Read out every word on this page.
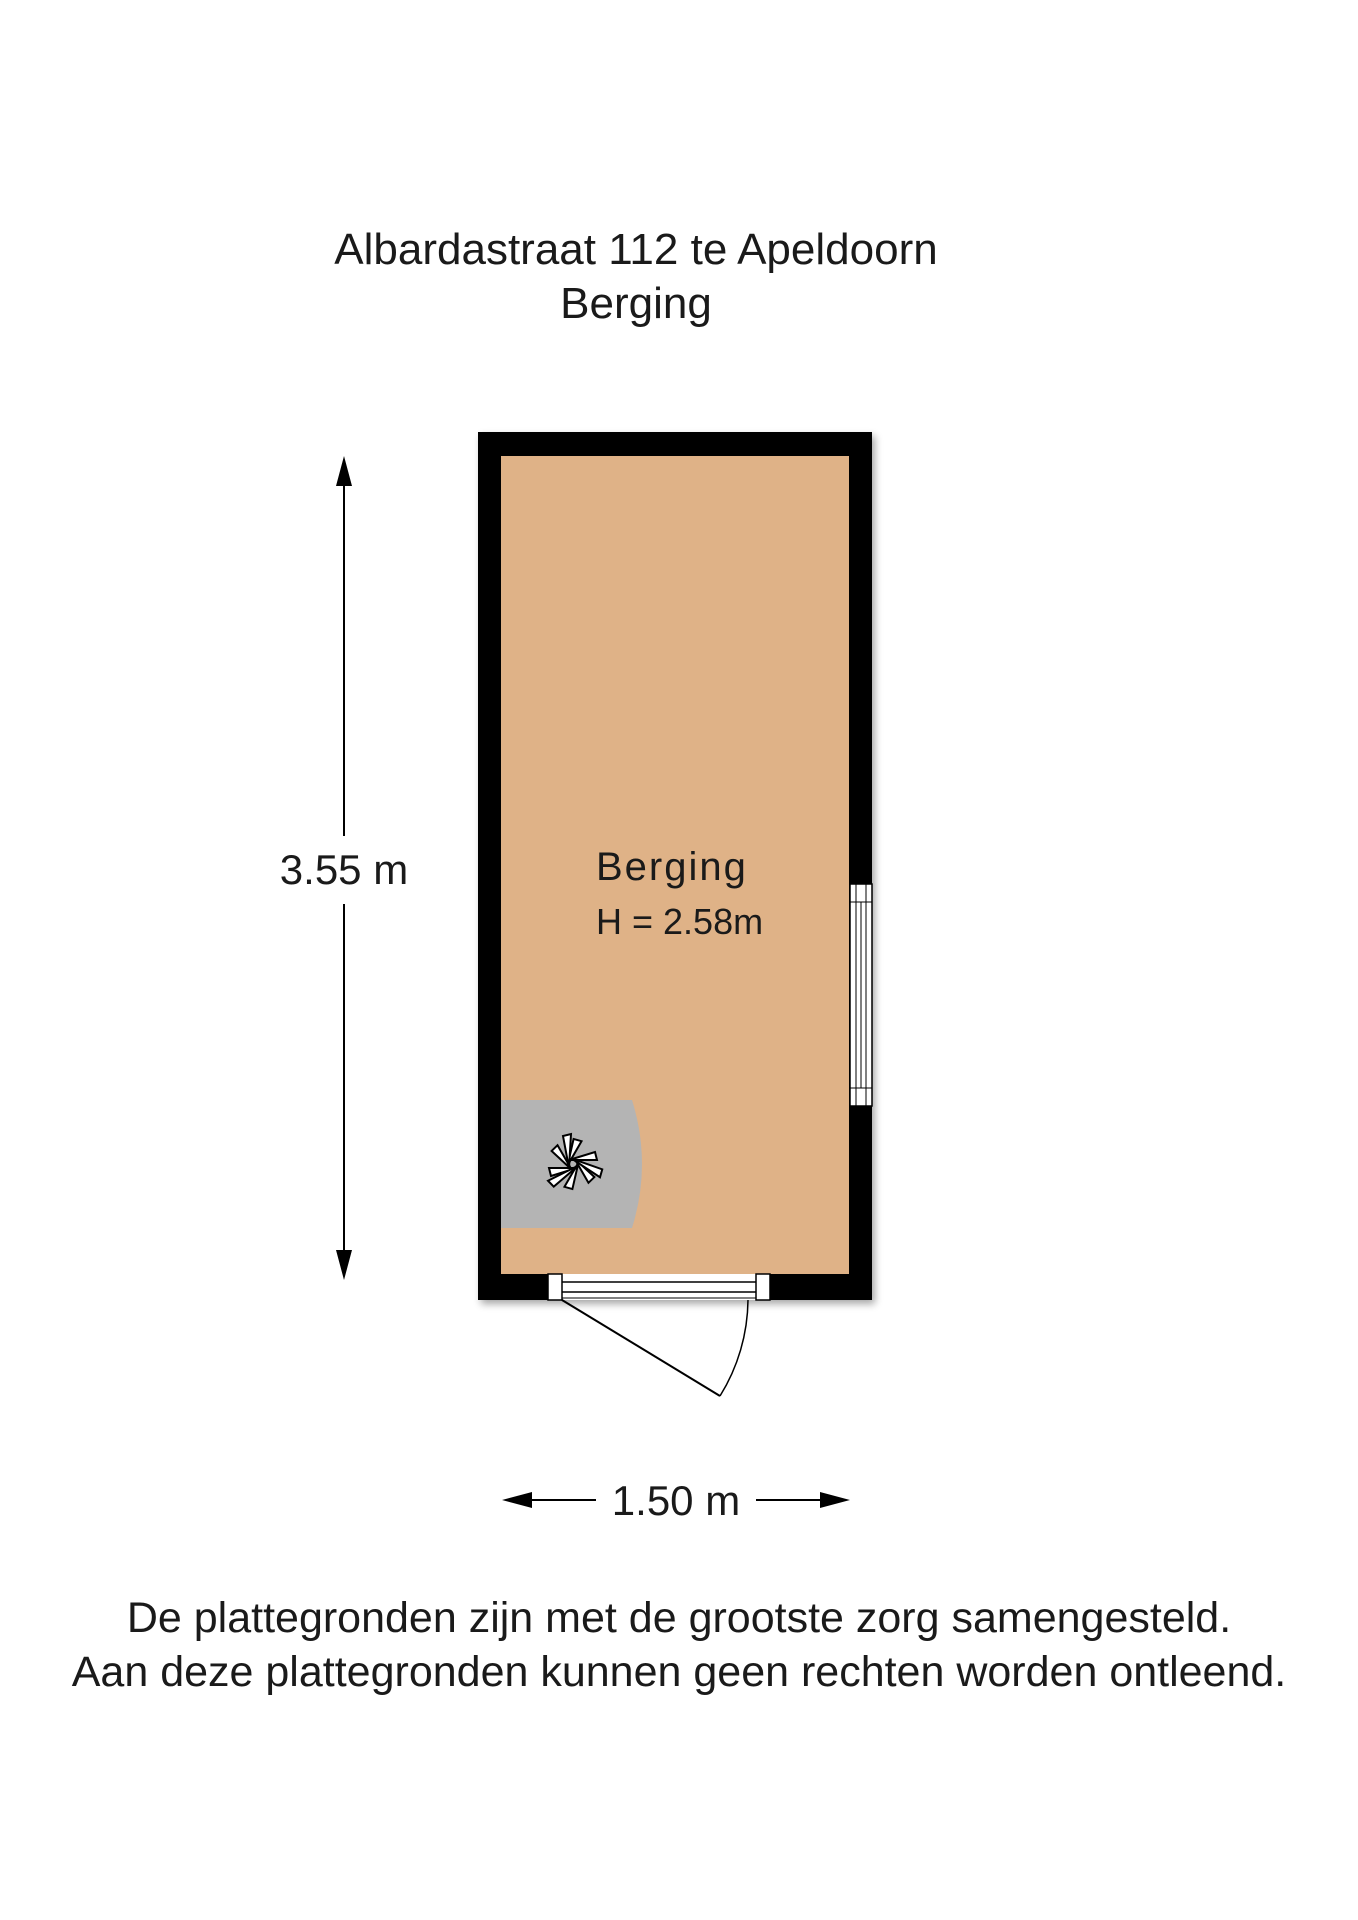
Albardastraat 112 te Apeldoorn
Berging
Berging
H = 2.58m
3.55 m
1.50 m
De plattegronden zijn met de grootste zorg samengesteld.
Aan deze plattegronden kunnen geen rechten worden ontleend.
